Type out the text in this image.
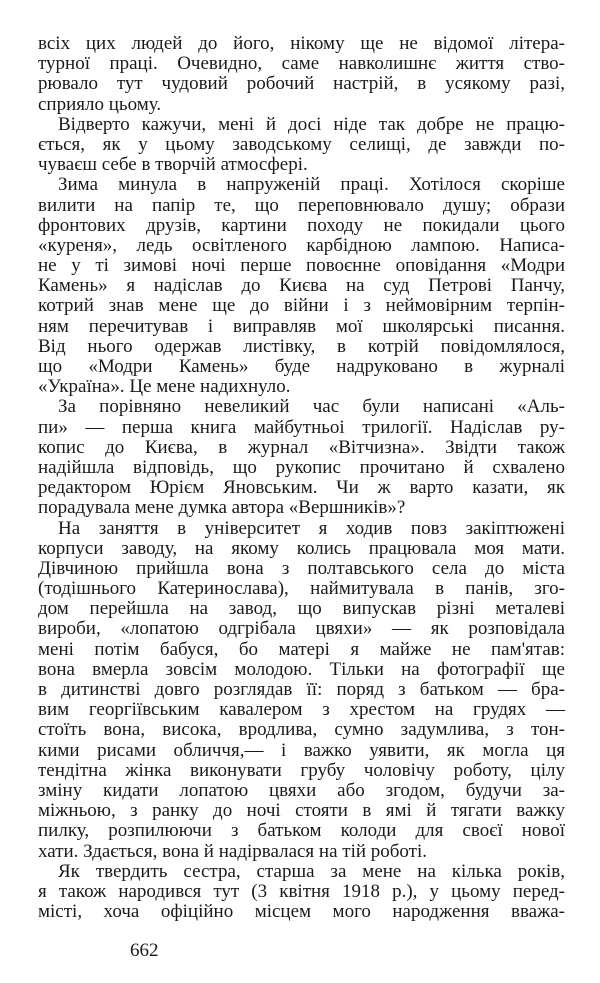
всіх цих людей до його, нікому ще не відомої літера-
турної праці. Очевидно, саме навколишнє життя ство-
рювало тут чудовий робочий настрій, в усякому разі,
сприяло цьому.
Відверто кажучи, мені й досі ніде так добре не працю-
ється, як у цьому заводському селищі, де завжди по-
чуваєш себе в творчій атмосфері.
Зима минула в напруженій праці. Хотілося скоріше
вилити на папір те, що переповнювало душу; образи
фронтових друзів, картини походу не покидали цього
«куреня», ледь освітленого карбідною лампою. Написа-
не у ті зимові ночі перше повоєнне оповідання «Модри
Камень» я надіслав до Києва на суд Петрові Панчу,
котрий знав мене ще до війни і з неймовірним терпін-
ням перечитував і виправляв мої школярські писання.
Від нього одержав листівку, в котрій повідомлялося,
що «Модри Камень» буде надруковано в журналі
«Україна». Це мене надихнуло.
За порівняно невеликий час були написані «Аль-
пи» — перша книга майбутньоі трилогії. Надіслав ру-
копис до Києва, в журнал «Вітчизна». Звідти також
надійшла відповідь, що рукопис прочитано й схвалено
редактором Юрієм Яновським. Чи ж варто казати, як
порадувала мене думка автора «Вершників»?
На заняття в університет я ходив повз закіптюжені
корпуси заводу, на якому колись працювала моя мати.
Дівчиною прийшла вона з полтавського села до міста
(тодішнього Катеринослава), наймитувала в панів, зго-
дом перейшла на завод, що випускав різні металеві
вироби, «лопатою одгрібала цвяхи» — як розповідала
мені потім бабуся, бо матері я майже не пам'ятав:
вона вмерла зовсім молодою. Тільки на фотографії ще
в дитинстві довго розглядав її: поряд з батьком — бра-
вим георгіївським кавалером з хрестом на грудях —
стоїть вона, висока, вродлива, сумно задумлива, з тон-
кими рисами обличчя,— і важко уявити, як могла ця
тендітна жінка виконувати грубу чоловічу роботу, цілу
зміну кидати лопатою цвяхи або згодом, будучи за-
міжньою, з ранку до ночі стояти в ямі й тягати важку
пилку, розпилюючи з батьком колоди для своєї нової
хати. Здається, вона й надірвалася на тій роботі.
Як твердить сестра, старша за мене на кілька років,
я також народився тут (3 квітня 1918 р.), у цьому перед-
місті, хоча офіційно місцем мого народження вважа-
662
